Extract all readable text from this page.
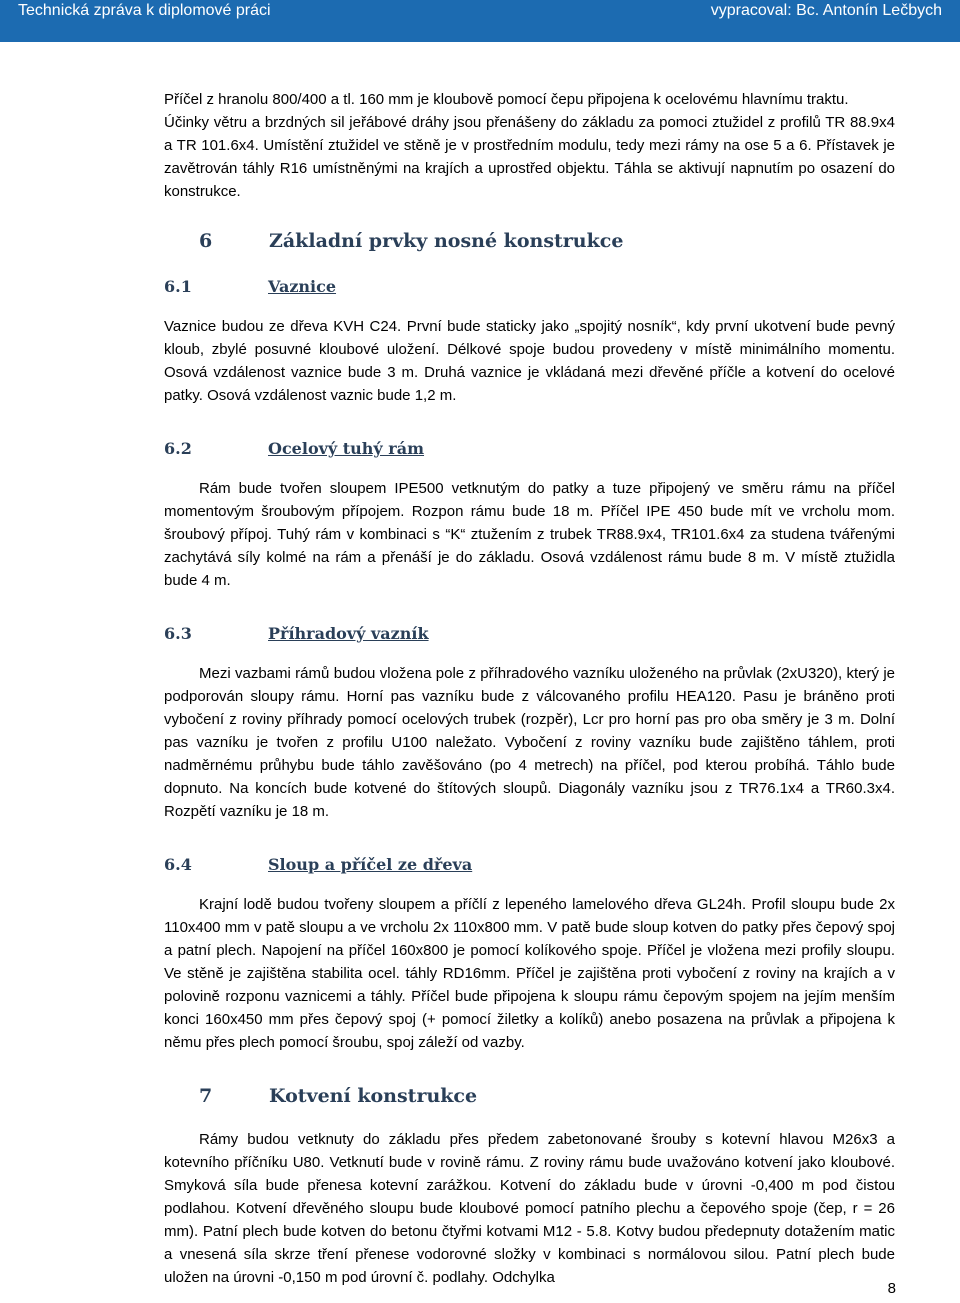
Technická zpráva k diplomové práci	vypracoval: Bc. Antonín Lečbych

Příčel z hranolu 800/400 a tl. 160 mm je kloubově pomocí čepu připojena k ocelovému hlavnímu traktu.

Účinky větru a brzdných sil jeřábové dráhy jsou přenášeny do základu za pomoci ztužidel z profilů TR 88.9x4 a TR 101.6x4. Umístění ztužidel ve stěně je v prostředním modulu, tedy mezi rámy na ose 5 a 6. Přístavek je zavětrován táhly R16 umístněnými na krajích a uprostřed objektu. Táhla se aktivují napnutím po osazení do konstrukce.

6	Základní prvky nosné konstrukce
6.1	Vaznice

Vaznice budou ze dřeva KVH C24. První bude staticky jako „spojitý nosník“, kdy první ukotvení bude pevný kloub, zbylé posuvné kloubové uložení. Délkové spoje budou provedeny v místě minimálního momentu. Osová vzdálenost vaznice bude 3 m. Druhá vaznice je vkládaná mezi dřevěné příčle a kotvení do ocelové patky. Osová vzdálenost vaznic bude 1,2 m.

6.2	Ocelový tuhý rám

Rám bude tvořen sloupem IPE500 vetknutým do patky a tuze připojený ve směru rámu na příčel momentovým šroubovým přípojem. Rozpon rámu bude 18 m. Příčel IPE 450 bude mít ve vrcholu mom. šroubový přípoj. Tuhý rám v kombinaci s “K“ ztužením z trubek TR88.9x4, TR101.6x4 za studena tvářenými zachytává síly kolmé na rám a přenáší je do základu. Osová vzdálenost rámu bude 8 m. V místě ztužidla bude 4 m.

6.3	Příhradový vazník

Mezi vazbami rámů budou vložena pole z příhradového vazníku uloženého na průvlak (2xU320), který je podporován sloupy rámu. Horní pas vazníku bude z válcovaného profilu HEA120. Pasu je bráněno proti vybočení z roviny příhrady pomocí ocelových trubek (rozpěr), Lcr pro horní pas pro oba směry je 3 m. Dolní pas vazníku je tvořen z profilu U100 naležato. Vybočení z roviny vazníku bude zajištěno táhlem, proti nadměrnému průhybu bude táhlo zavěšováno (po 4 metrech) na příčel, pod kterou probíhá. Táhlo bude dopnuto. Na koncích bude kotvené do štítových sloupů. Diagonály vazníku jsou z TR76.1x4 a TR60.3x4. Rozpětí vazníku je 18 m.

6.4	Sloup a příčel ze dřeva

Krajní lodě budou tvořeny sloupem a příčlí z lepeného lamelového dřeva GL24h. Profil sloupu bude 2x 110x400 mm v patě sloupu a ve vrcholu 2x 110x800 mm. V patě bude sloup kotven do patky přes čepový spoj a patní plech. Napojení na příčel 160x800 je pomocí kolíkového spoje. Příčel je vložena mezi profily sloupu. Ve stěně je zajištěna stabilita ocel. táhly RD16mm. Příčel je zajištěna proti vybočení z roviny na krajích a v polovině rozponu vaznicemi a táhly. Příčel bude připojena k sloupu rámu čepovým spojem na jejím menším konci 160x450 mm přes čepový spoj (+ pomocí žiletky a kolíků) anebo posazena na průvlak a připojena k němu přes plech pomocí šroubu, spoj záleží od vazby.

7	Kotvení konstrukce

Rámy budou vetknuty do základu přes předem zabetonované šrouby s kotevní hlavou M26x3 a kotevního příčníku U80. Vetknutí bude v rovině rámu. Z roviny rámu bude uvažováno kotvení jako kloubové. Smyková síla bude přenesa kotevní zarážkou. Kotvení do základu bude v úrovni -0,400 m pod čistou podlahou. Kotvení dřevěného sloupu bude kloubové pomocí patního plechu a čepového spoje (čep, r = 26 mm). Patní plech bude kotven do betonu čtyřmi kotvami M12 - 5.8. Kotvy budou předepnuty dotažením matic a vnesená síla skrze tření přenese vodorovné složky v kombinaci s normálovou silou. Patní plech bude uložen na úrovni -0,150 m pod úrovní č. podlahy. Odchylka

8
